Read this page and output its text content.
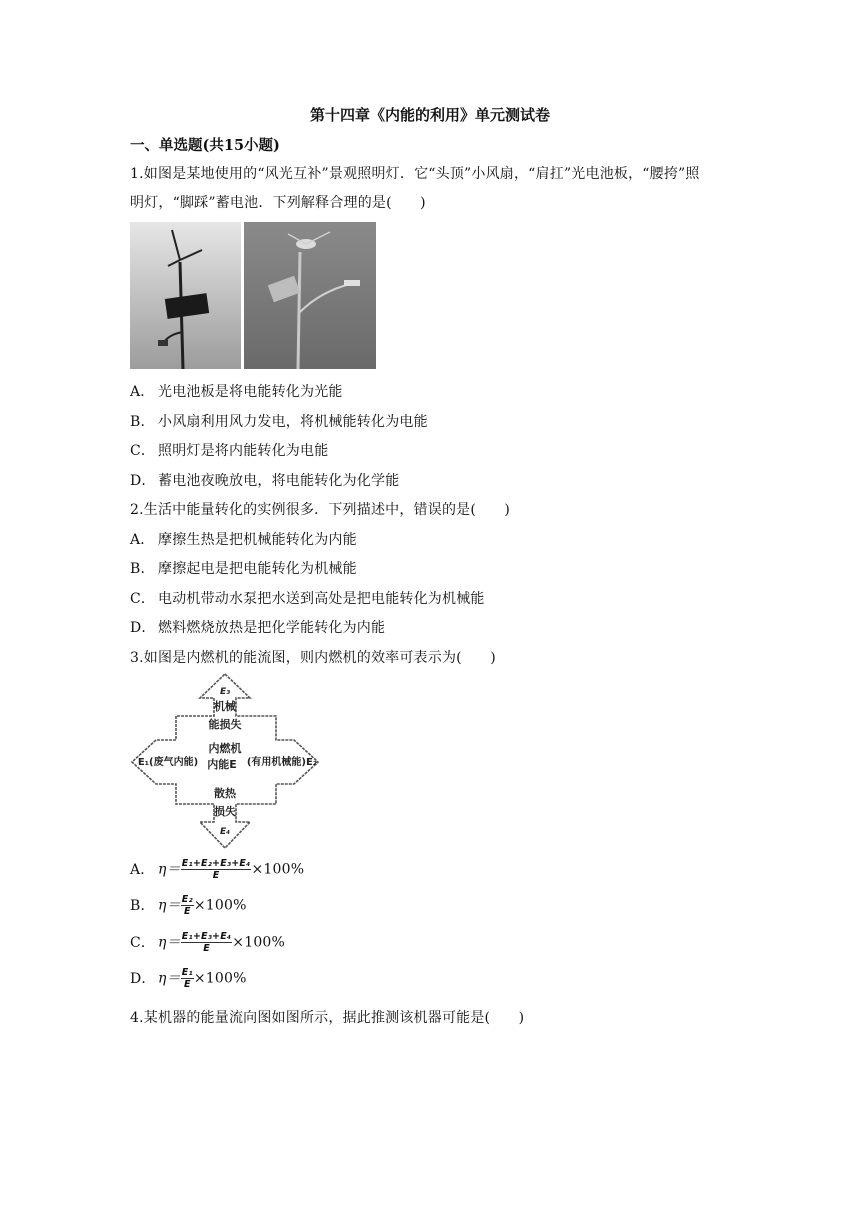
第十四章《内能的利用》单元测试卷
一、单选题(共15小题)
1.如图是某地使用的“风光互补”景观照明灯．它“头顶”小风扇，“肩扛”光电池板，“腰挎”照
明灯，“脚踩”蓄电池．下列解释合理的是(　　)
A． 光电池板是将电能转化为光能
B． 小风扇利用风力发电，将机械能转化为电能
C． 照明灯是将内能转化为电能
D． 蓄电池夜晚放电，将电能转化为化学能
2.生活中能量转化的实例很多．下列描述中，错误的是(　　)
A． 摩擦生热是把机械能转化为内能
B． 摩擦起电是把电能转化为机械能
C． 电动机带动水泵把水送到高处是把电能转化为机械能
D． 燃料燃烧放热是把化学能转化为内能
3.如图是内燃机的能流图，则内燃机的效率可表示为(　　)
E₃
机械
能损失
内燃机
内能E
E₁(废气内能)	(有用机械能)E₂
散热
损失
E₄
A． $\eta= \frac{\text{E₁+E₂+E₃+E₄}}{E} \times 100\%$
B． $\eta= \frac{\text{E₂}}{E} \times 100\%$
C． $\eta= \frac{\text{E₁+E₃+E₄}}{E} \times 100\%$
D． $\eta= \frac{\text{E₁}}{E} \times 100\%$
4.某机器的能量流向图如图所示，据此推测该机器可能是(　　)
